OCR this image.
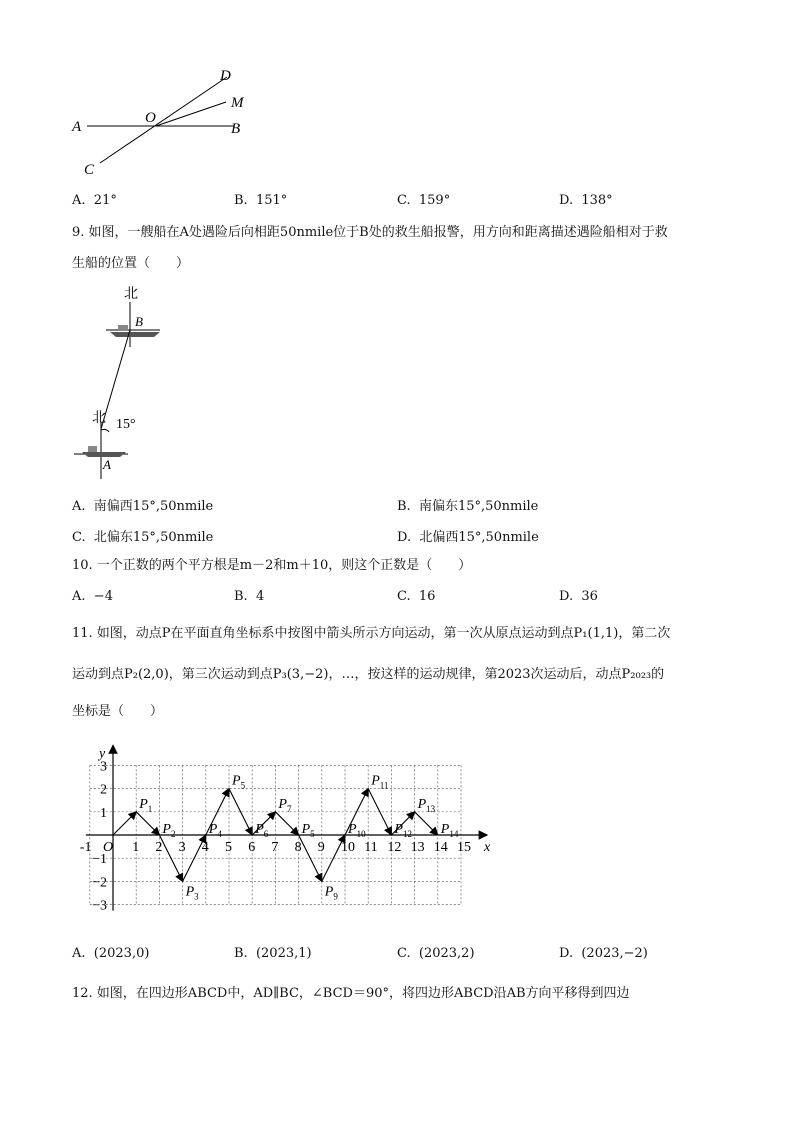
D
M
O
A	B
C
A. 21°	B. 151°	C. 159°	D. 138°
9. 如图，一艘船在A处遇险后向相距50nmile位于B处的救生船报警，用方向和距离描述遇险船相对于救
生船的位置（　　）
北
B
北 15°
A
A. 南偏西15°,50nmile	B. 南偏东15°,50nmile
C. 北偏东15°,50nmile	D. 北偏西15°,50nmile
10. 一个正数的两个平方根是m－2和m＋10，则这个正数是（　　）
A. −4	B. 4	C. 16	D. 36
11. 如图，动点P在平面直角坐标系中按图中箭头所示方向运动，第一次从原点运动到点P₁(1,1)，第二次
运动到点P₂(2,0)，第三次运动到点P₃(3,−2)，…，按这样的运动规律，第2023次运动后，动点P₂₀₂₃的
坐标是（　　）
x
y
-1 O 1 2 3 4 5 6 7 8 9 10 11 12 13 14 15
3
2
1
−1
−2
−3
$P_1$
$P_2$
$P_3$
$P_4$
$P_5$
$P_6$
$P_7$
$P_5$
$P_9$
$P_{10}$
$P_{11}$
$P_{12}$
$P_{13}$
$P_{14}$
A. (2023,0)	B. (2023,1)	C. (2023,2)	D. (2023,−2)
12. 如图，在四边形ABCD中，AD∥BC，∠BCD＝90°，将四边形ABCD沿AB方向平移得到四边
